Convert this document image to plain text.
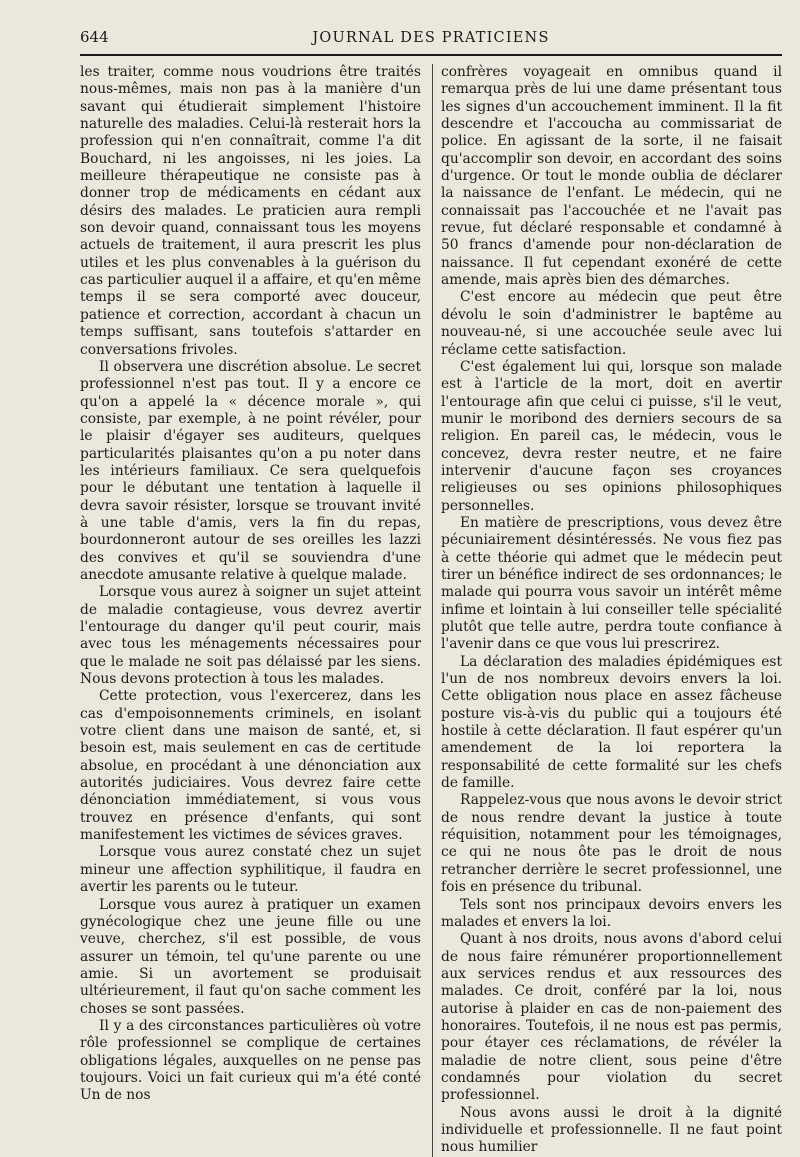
644	JOURNAL DES PRATICIENS

les traiter, comme nous voudrions être traités nous-mêmes, mais non pas à la manière d'un savant qui étudierait simplement l'histoire naturelle des maladies. Celui-là resterait hors la profession qui n'en connaîtrait, comme l'a dit Bouchard, ni les angoisses, ni les joies. La meilleure thérapeutique ne consiste pas à donner trop de médicaments en cédant aux désirs des malades. Le praticien aura rempli son devoir quand, connaissant tous les moyens actuels de traitement, il aura prescrit les plus utiles et les plus convenables à la guérison du cas particulier auquel il a affaire, et qu'en même temps il se sera comporté avec douceur, patience et correction, accordant à chacun un temps suffisant, sans toutefois s'attarder en conversations frivoles.

Il observera une discrétion absolue. Le secret professionnel n'est pas tout. Il y a encore ce qu'on a appelé la « décence morale », qui consiste, par exemple, à ne point révéler, pour le plaisir d'égayer ses auditeurs, quelques particularités plaisantes qu'on a pu noter dans les intérieurs familiaux. Ce sera quelquefois pour le débutant une tentation à laquelle il devra savoir résister, lorsque se trouvant invité à une table d'amis, vers la fin du repas, bourdonneront autour de ses oreilles les lazzi des convives et qu'il se souviendra d'une anecdote amusante relative à quelque malade.

Lorsque vous aurez à soigner un sujet atteint de maladie contagieuse, vous devrez avertir l'entourage du danger qu'il peut courir, mais avec tous les ménagements nécessaires pour que le malade ne soit pas délaissé par les siens. Nous devons protection à tous les malades.

Cette protection, vous l'exercerez, dans les cas d'empoisonnements criminels, en isolant votre client dans une maison de santé, et, si besoin est, mais seulement en cas de certitude absolue, en procédant à une dénonciation aux autorités judiciaires. Vous devrez faire cette dénonciation immédiatement, si vous vous trouvez en présence d'enfants, qui sont manifestement les victimes de sévices graves.

Lorsque vous aurez constaté chez un sujet mineur une affection syphilitique, il faudra en avertir les parents ou le tuteur.

Lorsque vous aurez à pratiquer un examen gynécologique chez une jeune fille ou une veuve, cherchez, s'il est possible, de vous assurer un témoin, tel qu'une parente ou une amie. Si un avortement se produisait ultérieurement, il faut qu'on sache comment les choses se sont passées.

Il y a des circonstances particulières où votre rôle professionnel se complique de certaines obligations légales, auxquelles on ne pense pas toujours. Voici un fait curieux qui m'a été conté Un de nos

confrères voyageait en omnibus quand il remarqua près de lui une dame présentant tous les signes d'un accouchement imminent. Il la fit descendre et l'accoucha au commissariat de police. En agissant de la sorte, il ne faisait qu'accomplir son devoir, en accordant des soins d'urgence. Or tout le monde oublia de déclarer la naissance de l'enfant. Le médecin, qui ne connaissait pas l'accouchée et ne l'avait pas revue, fut déclaré responsable et condamné à 50 francs d'amende pour non-déclaration de naissance. Il fut cependant exonéré de cette amende, mais après bien des démarches.

C'est encore au médecin que peut être dévolu le soin d'administrer le baptême au nouveau-né, si une accouchée seule avec lui réclame cette satisfaction.

C'est également lui qui, lorsque son malade est à l'article de la mort, doit en avertir l'entourage afin que celui ci puisse, s'il le veut, munir le moribond des derniers secours de sa religion. En pareil cas, le médecin, vous le concevez, devra rester neutre, et ne faire intervenir d'aucune façon ses croyances religieuses ou ses opinions philosophiques personnelles.

En matière de prescriptions, vous devez être pécuniairement désintéressés. Ne vous fiez pas à cette théorie qui admet que le médecin peut tirer un bénéfice indirect de ses ordonnances; le malade qui pourra vous savoir un intérêt même infime et lointain à lui conseiller telle spécialité plutôt que telle autre, perdra toute confiance à l'avenir dans ce que vous lui prescrirez.

La déclaration des maladies épidémiques est l'un de nos nombreux devoirs envers la loi. Cette obligation nous place en assez fâcheuse posture vis-à-vis du public qui a toujours été hostile à cette déclaration. Il faut espérer qu'un amendement de la loi reportera la responsabilité de cette formalité sur les chefs de famille.

Rappelez-vous que nous avons le devoir strict de nous rendre devant la justice à toute réquisition, notamment pour les témoignages, ce qui ne nous ôte pas le droit de nous retrancher derrière le secret professionnel, une fois en présence du tribunal.

Tels sont nos principaux devoirs envers les malades et envers la loi.

Quant à nos droits, nous avons d'abord celui de nous faire rémunérer proportionnellement aux services rendus et aux ressources des malades. Ce droit, conféré par la loi, nous autorise à plaider en cas de non-paiement des honoraires. Toutefois, il ne nous est pas permis, pour étayer ces réclamations, de révéler la maladie de notre client, sous peine d'être condamnés pour violation du secret professionnel.

Nous avons aussi le droit à la dignité individuelle et professionnelle. Il ne faut point nous humilier
